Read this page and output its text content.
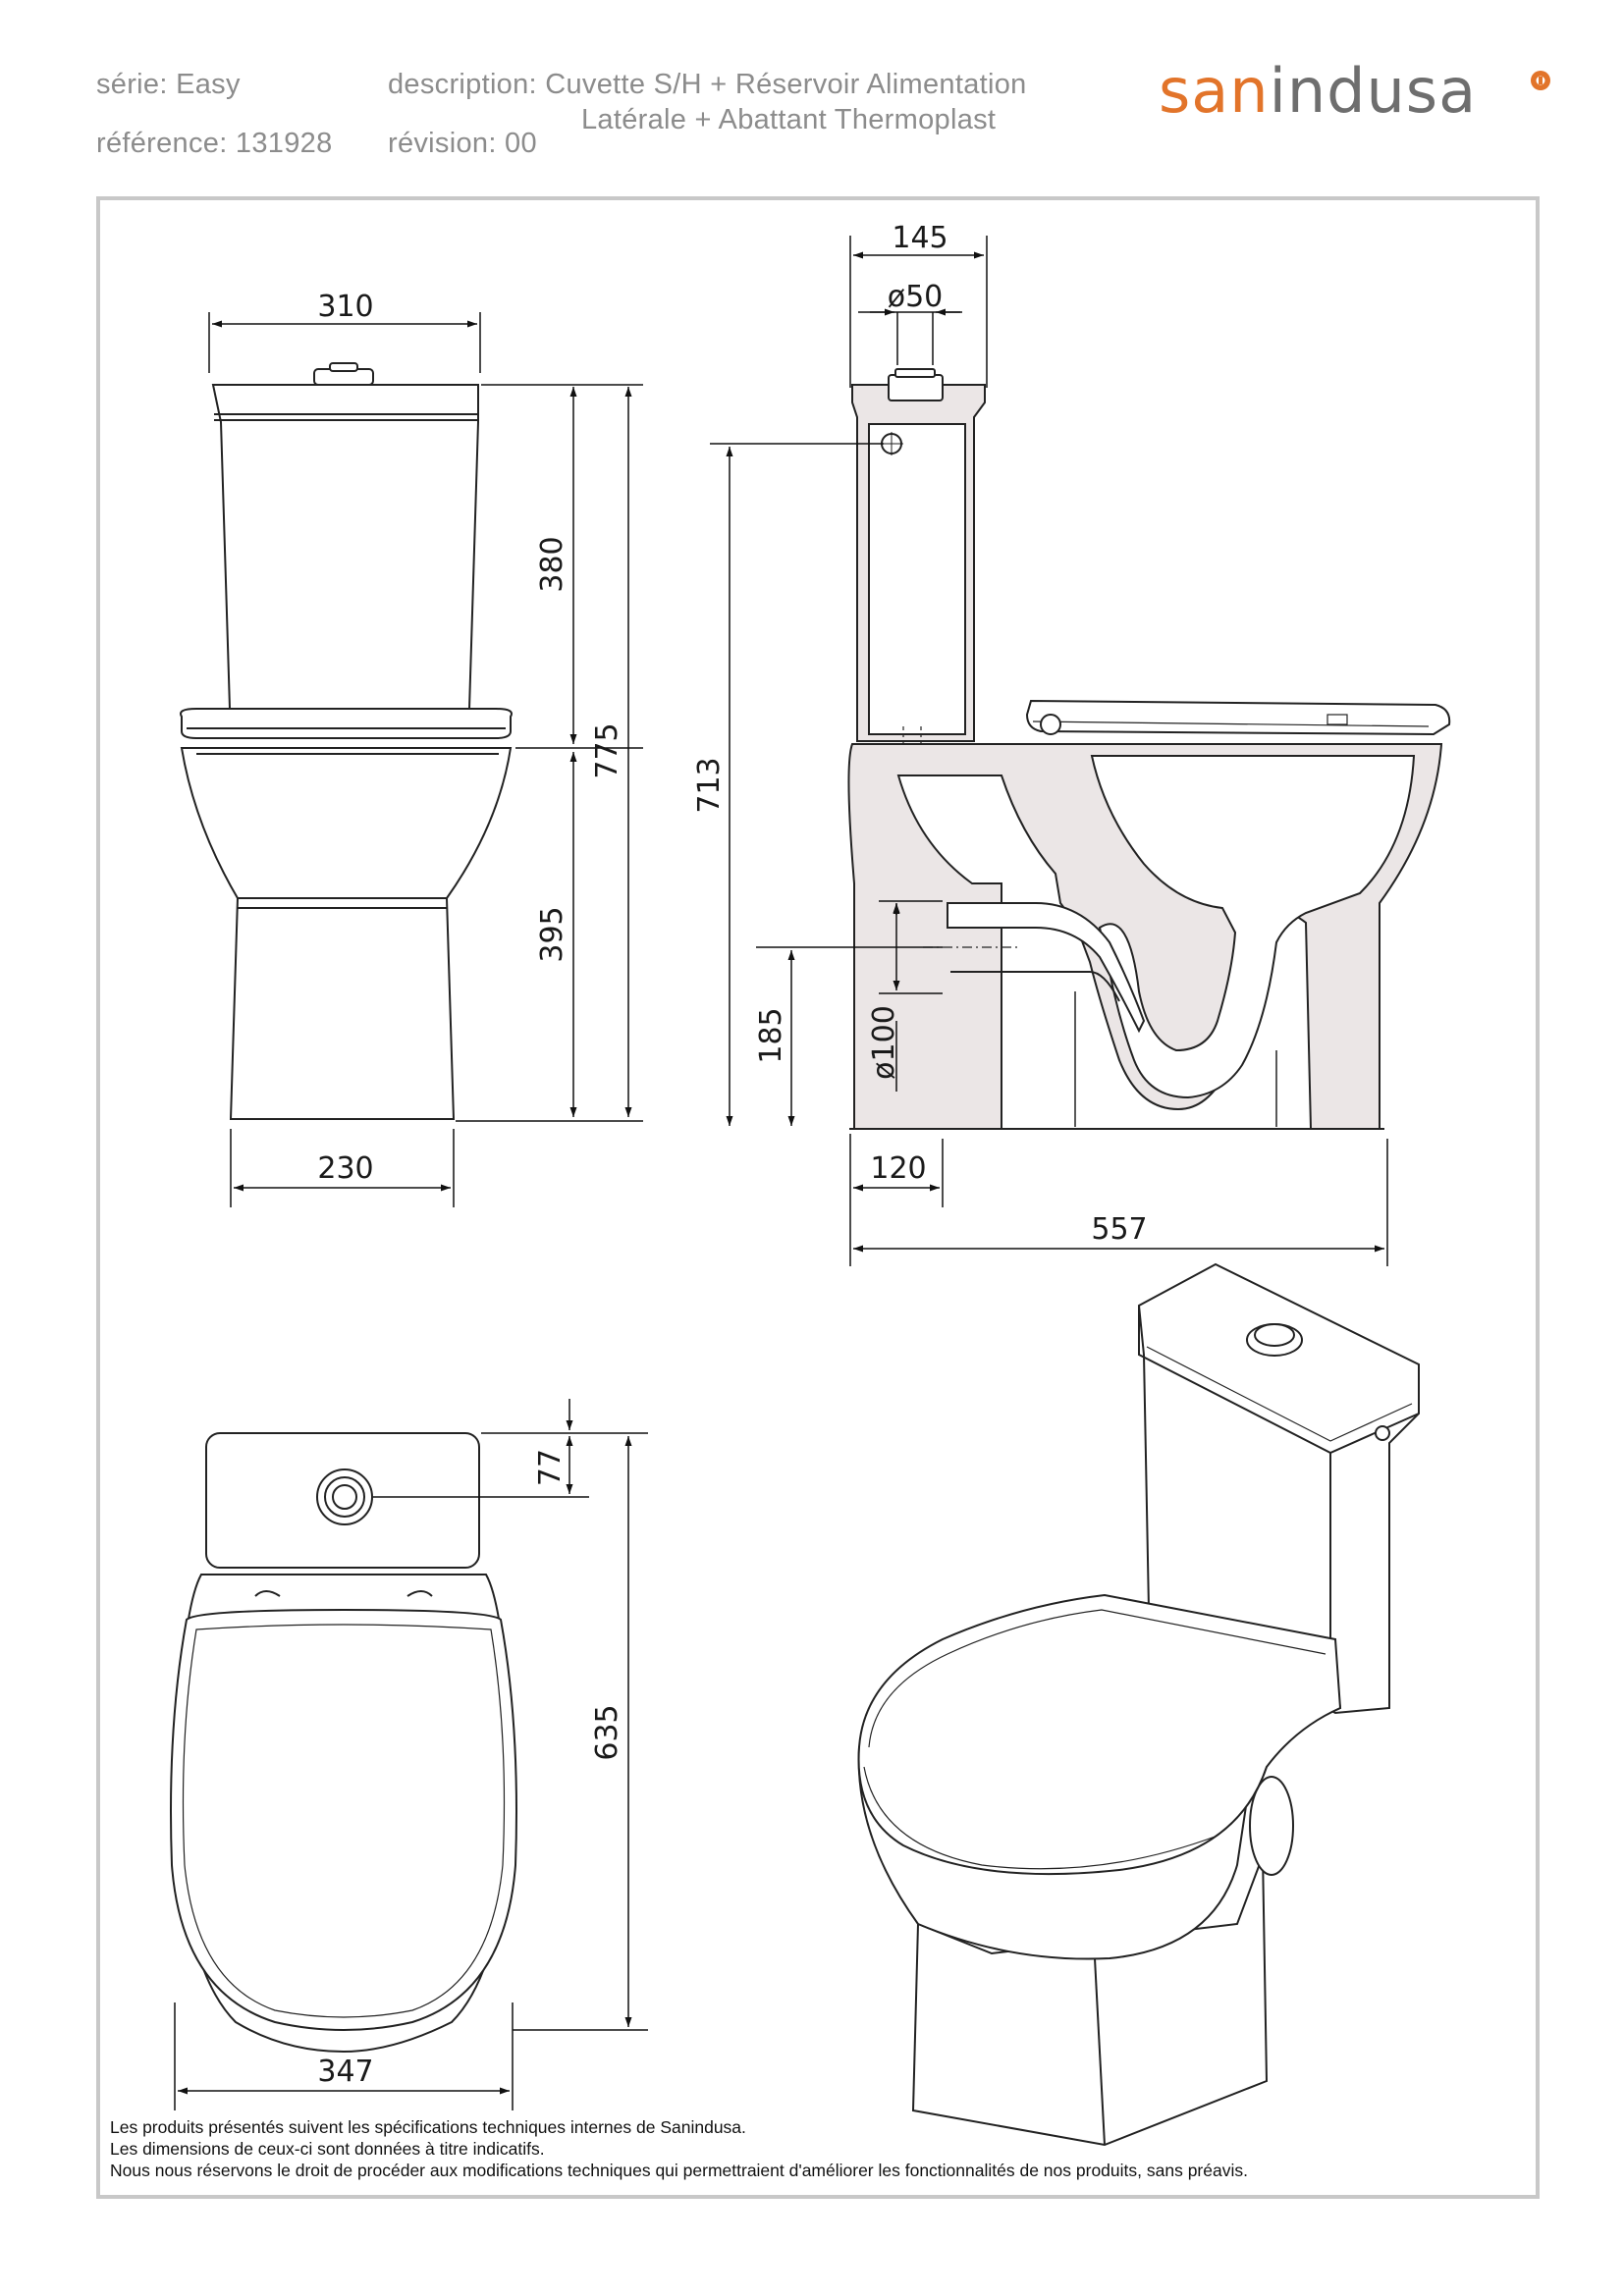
série: Easy
référence: 131928
description: Cuvette S/H + Réservoir Alimentation
Latérale + Abattant Thermoplast
révision: 00
sanindusa
310
380
775
395
230
145
ø50
713
185	ø100
120
557
77
635
347
Les produits présentés suivent les spécifications techniques internes de Sanindusa.
Les dimensions de ceux-ci sont données à titre indicatifs.
Nous nous réservons le droit de procéder aux modifications techniques qui permettraient d'améliorer les fonctionnalités de nos produits, sans préavis.
